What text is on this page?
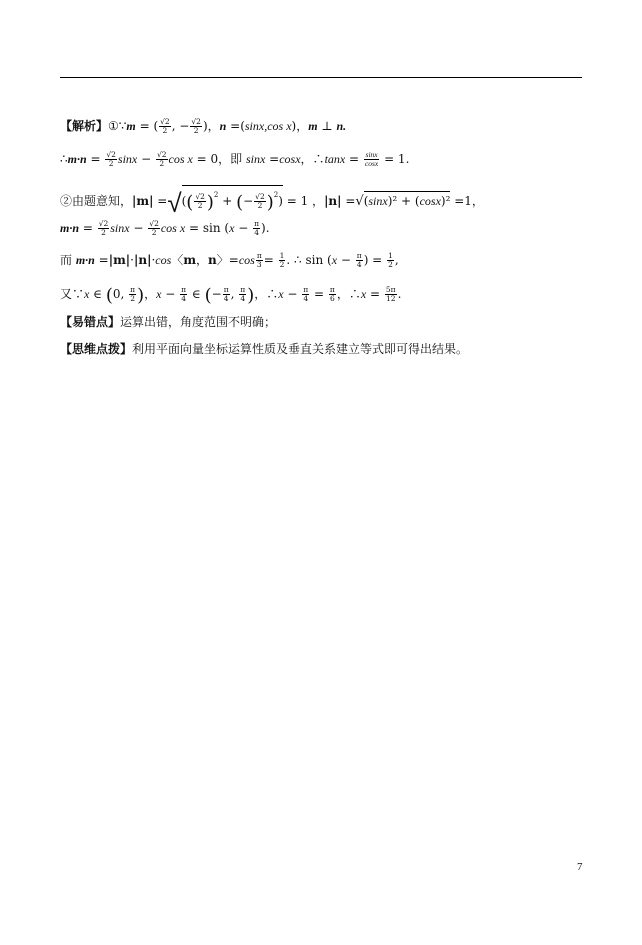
【解析】①∵m = ( $\frac{√2}{2}$ , − $\frac{√2}{2}$ )，n =(sinx,cos x)，m ⊥ n.
∴m·n = $\frac{√2}{2}$ $\sin x - \frac{√2}{2}$ cos x = 0，即 sinx =cosx，∴tanx = $\frac{\sin x}{\cos x} = 1$.
②由题意知，|m| =√(( $\frac{√2}{2} )^2$ + (− $\frac{√2}{2} )^2) = 1$ ，|n| =√(sinx)² + (cosx)² =1，
$m\cdot n = \frac{√2}{2}$ $\sin x - \frac{√2}{2}$ $\cos x = \sin (x - \frac{\pi}{4}$ ).
而 m·n =|m|·|n|·cos〈m，n〉$=\cos \frac{\pi}{3} = \frac{1}{2}$ . ∴ $\sin (x - \frac{\pi}{4}$ ) = $\frac{1}{2}$ ,
又∵x ∈ (0, $\frac{\pi}{2}$ )，$x - \frac{\pi}{4}$ ∈ (− $\frac{\pi}{4}$ , $\frac{\pi}{4}$ )，∴x − $\frac{\pi}{4} = \frac{\pi}{6}$ ，∴x = $\frac{5\pi}{12}$ .
【易错点】运算出错，角度范围不明确；
【思维点拨】利用平面向量坐标运算性质及垂直关系建立等式即可得出结果。
7
